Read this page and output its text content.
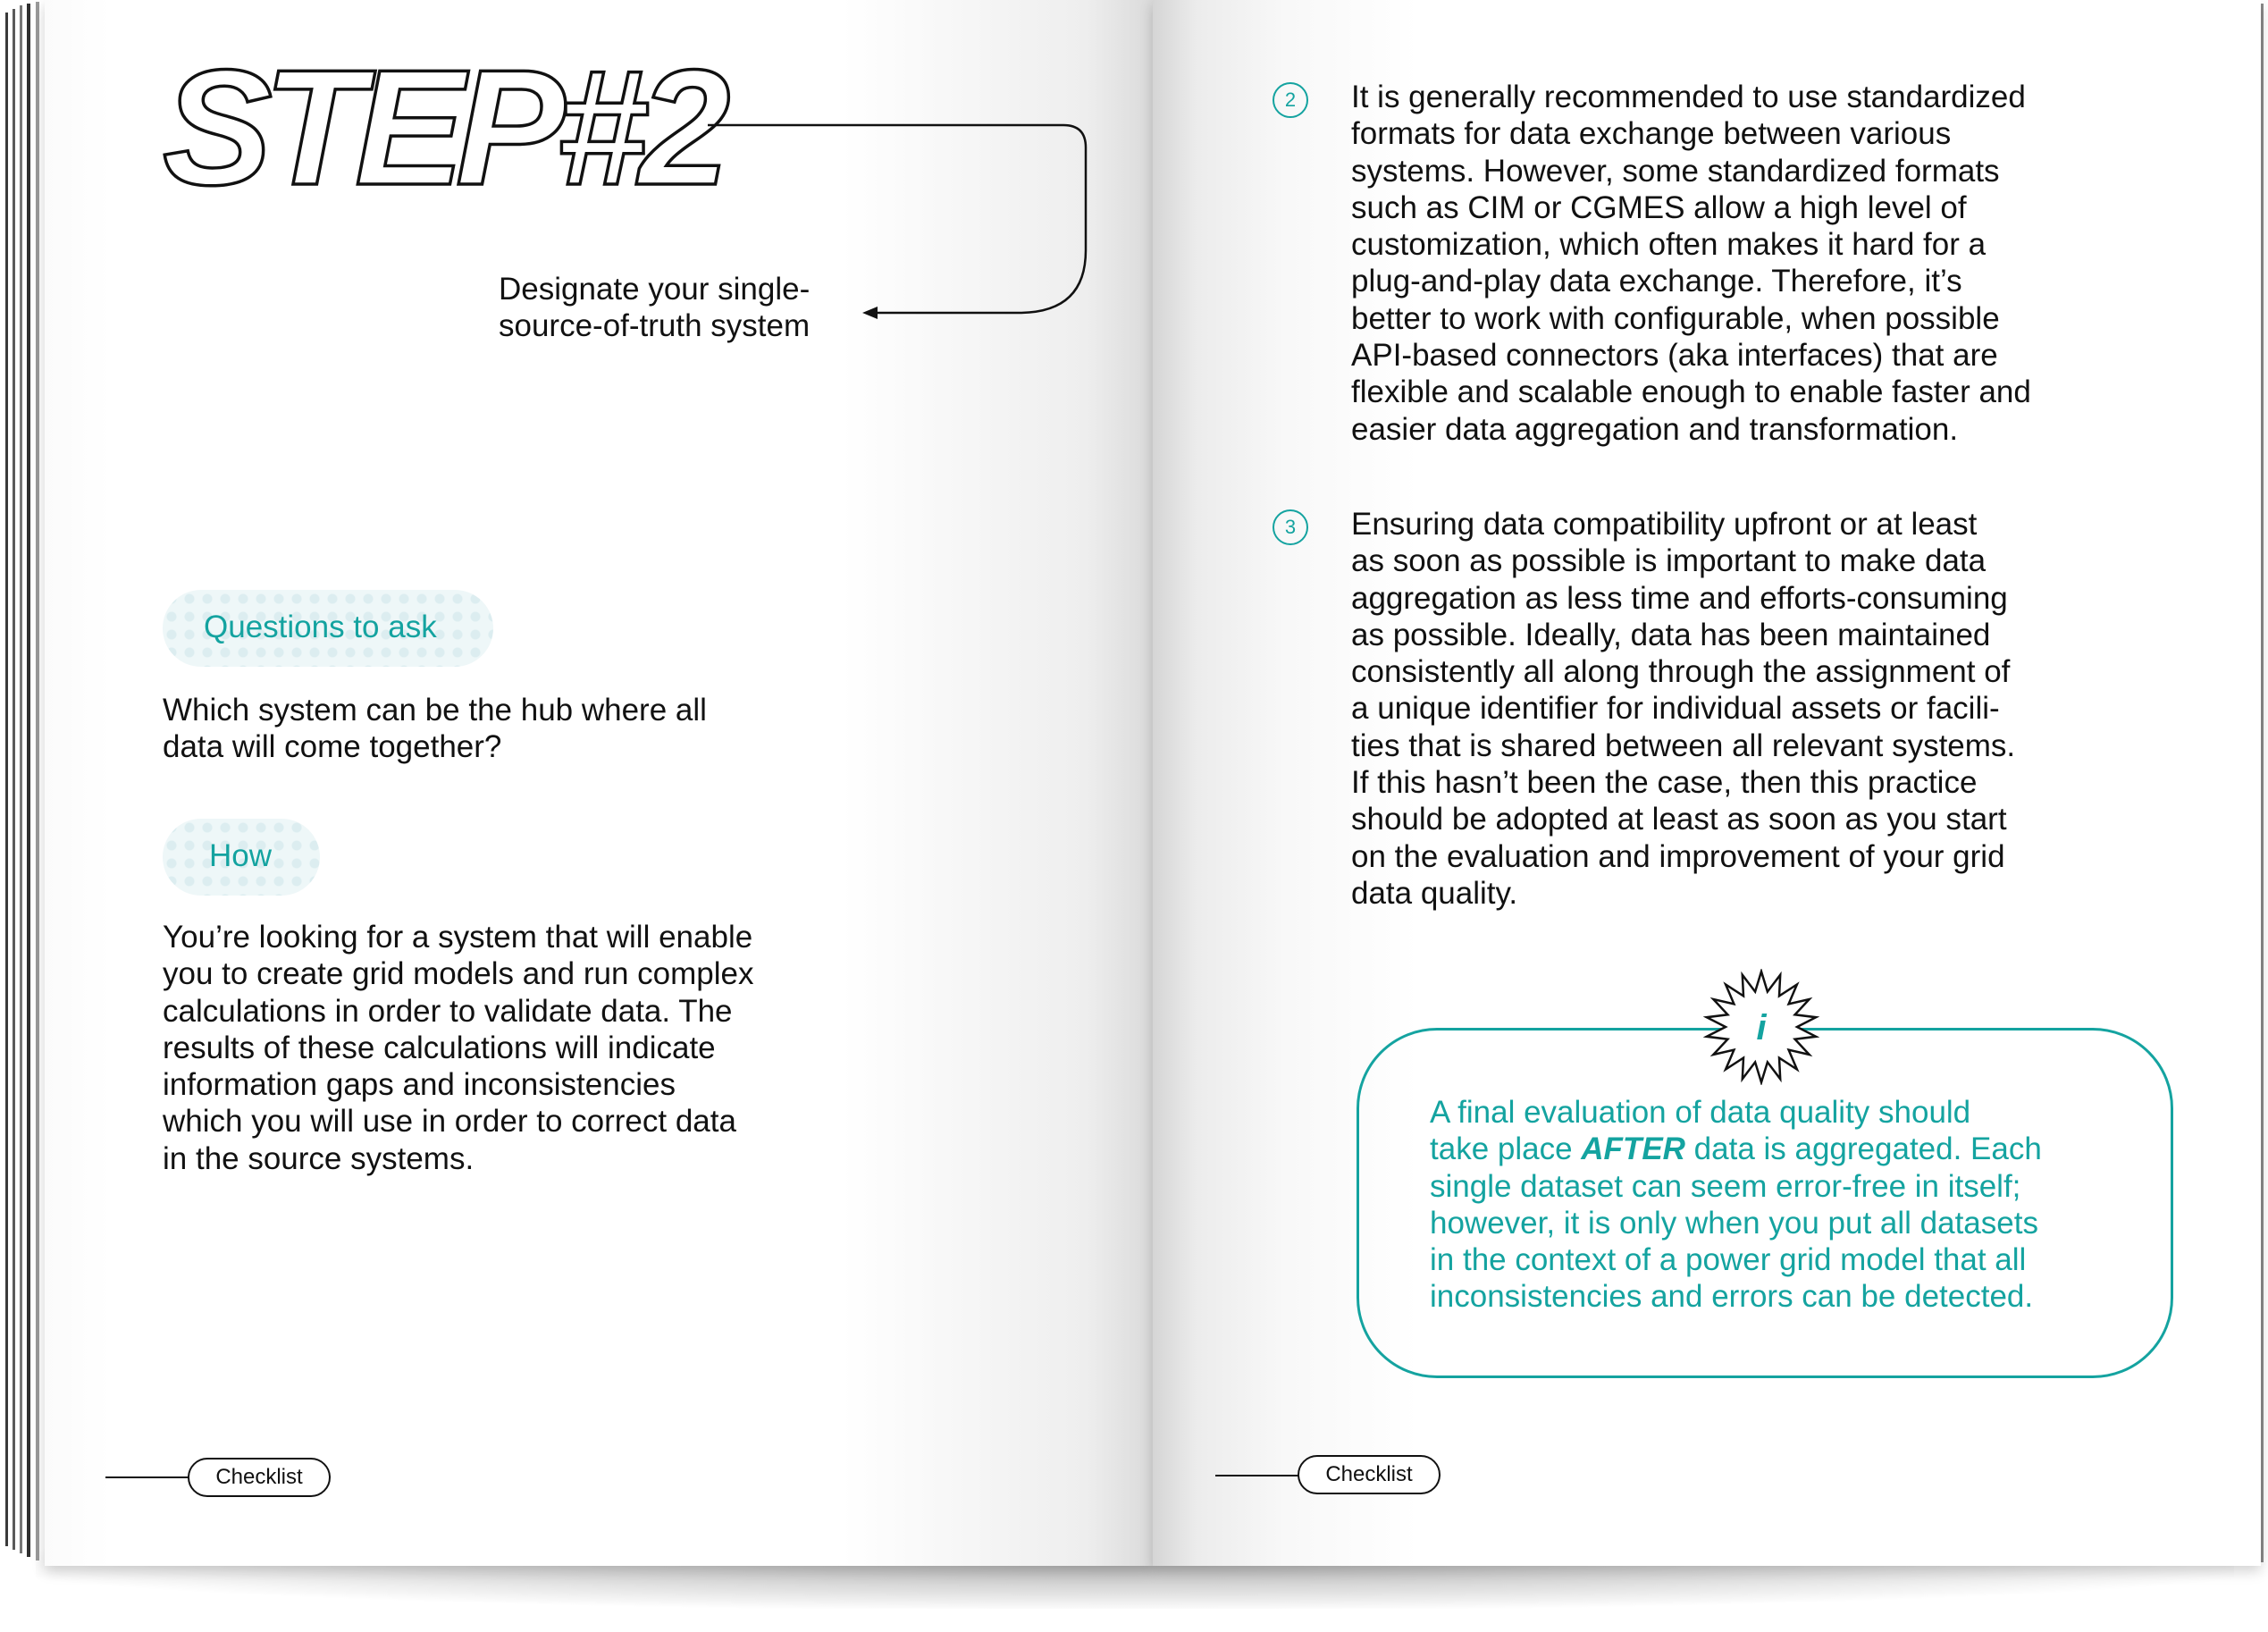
STEP#2
Designate your single-
source-of-truth system
Questions to ask
Which system can be the hub where all
data will come together?
How
You’re looking for a system that will enable
you to create grid models and run complex
calculations in order to validate data. The
results of these calculations will indicate
information gaps and inconsistencies
which you will use in order to correct data
in the source systems.
Checklist
2	It is generally recommended to use standardized
formats for data exchange between various
systems. However, some standardized formats
such as CIM or CGMES allow a high level of
customization, which often makes it hard for a
plug-and-play data exchange. Therefore, it’s
better to work with configurable, when possible
API-based connectors (aka interfaces) that are
flexible and scalable enough to enable faster and
easier data aggregation and transformation.
3	Ensuring data compatibility upfront or at least
as soon as possible is important to make data
aggregation as less time and efforts-consuming
as possible. Ideally, data has been maintained
consistently all along through the assignment of
a unique identifier for individual assets or facili-
ties that is shared between all relevant systems.
If this hasn’t been the case, then this practice
should be adopted at least as soon as you start
on the evaluation and improvement of your grid
data quality.
i
A final evaluation of data quality should
take place AFTER data is aggregated. Each
single dataset can seem error-free in itself;
however, it is only when you put all datasets
in the context of a power grid model that all
inconsistencies and errors can be detected.
Checklist
